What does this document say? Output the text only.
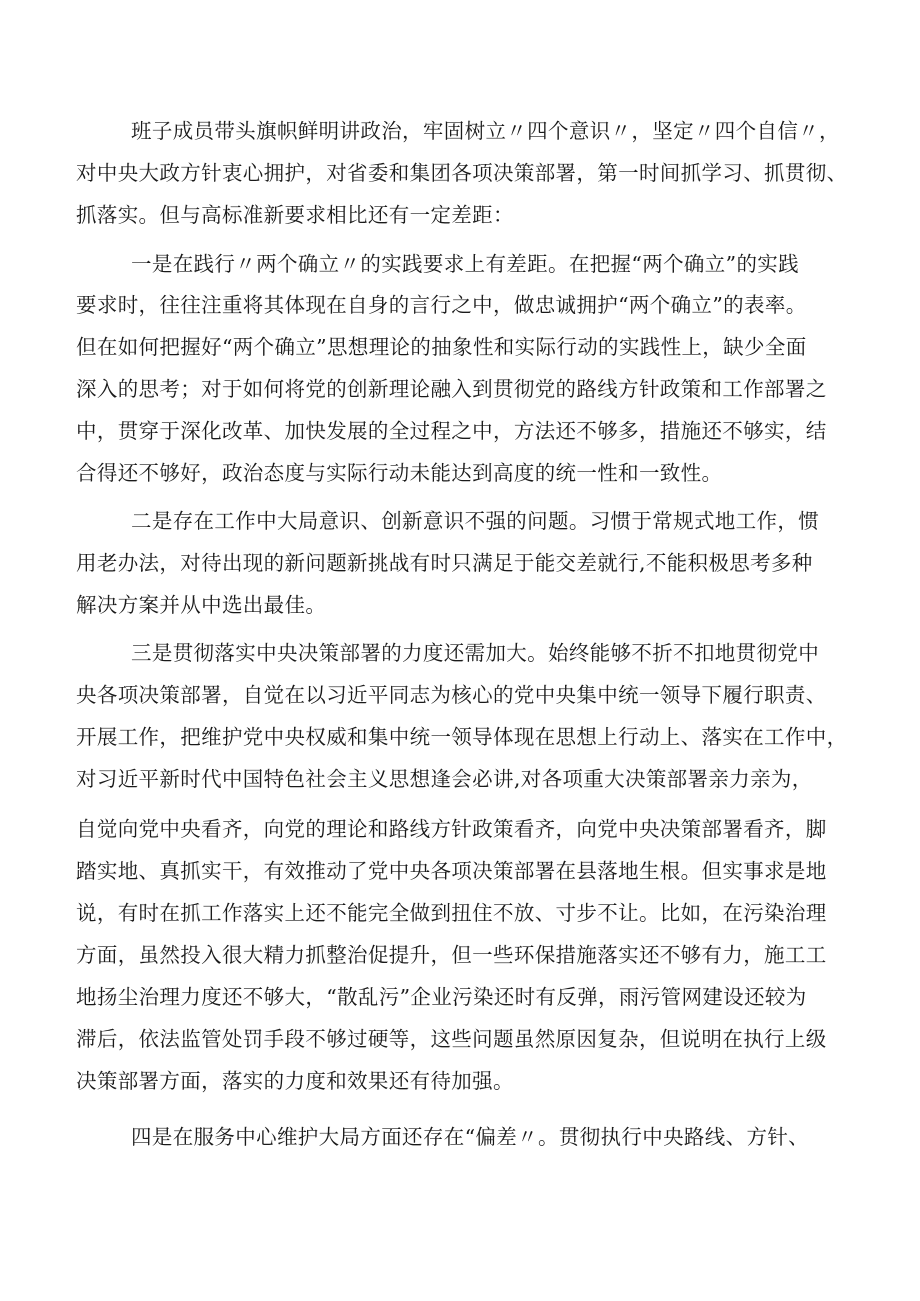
班子成员带头旗帜鲜明讲政治，牢固树立〃四个意识〃，坚定〃四个自信〃，
对中央大政方针衷心拥护，对省委和集团各项决策部署，第一时间抓学习、抓贯彻、
抓落实。但与高标准新要求相比还有一定差距：
一是在践行〃两个确立〃的实践要求上有差距。在把握“两个确立”的实践
要求时，往往注重将其体现在自身的言行之中，做忠诚拥护“两个确立”的表率。
但在如何把握好“两个确立”思想理论的抽象性和实际行动的实践性上，缺少全面
深入的思考；对于如何将党的创新理论融入到贯彻党的路线方针政策和工作部署之
中，贯穿于深化改革、加快发展的全过程之中，方法还不够多，措施还不够实，结
合得还不够好，政治态度与实际行动未能达到高度的统一性和一致性。
二是存在工作中大局意识、创新意识不强的问题。习惯于常规式地工作，惯
用老办法，对待出现的新问题新挑战有时只满足于能交差就行,不能积极思考多种
解决方案并从中选出最佳。
三是贯彻落实中央决策部署的力度还需加大。始终能够不折不扣地贯彻党中
央各项决策部署，自觉在以习近平同志为核心的党中央集中统一领导下履行职责、
开展工作，把维护党中央权威和集中统一领导体现在思想上行动上、落实在工作中，
对习近平新时代中国特色社会主义思想逢会必讲,对各项重大决策部署亲力亲为，
自觉向党中央看齐，向党的理论和路线方针政策看齐，向党中央决策部署看齐，脚
踏实地、真抓实干，有效推动了党中央各项决策部署在县落地生根。但实事求是地
说，有时在抓工作落实上还不能完全做到扭住不放、寸步不让。比如，在污染治理
方面，虽然投入很大精力抓整治促提升，但一些环保措施落实还不够有力，施工工
地扬尘治理力度还不够大，“散乱污”企业污染还时有反弹，雨污管网建设还较为
滞后，依法监管处罚手段不够过硬等，这些问题虽然原因复杂，但说明在执行上级
决策部署方面，落实的力度和效果还有待加强。
四是在服务中心维护大局方面还存在“偏差〃。贯彻执行中央路线、方针、
